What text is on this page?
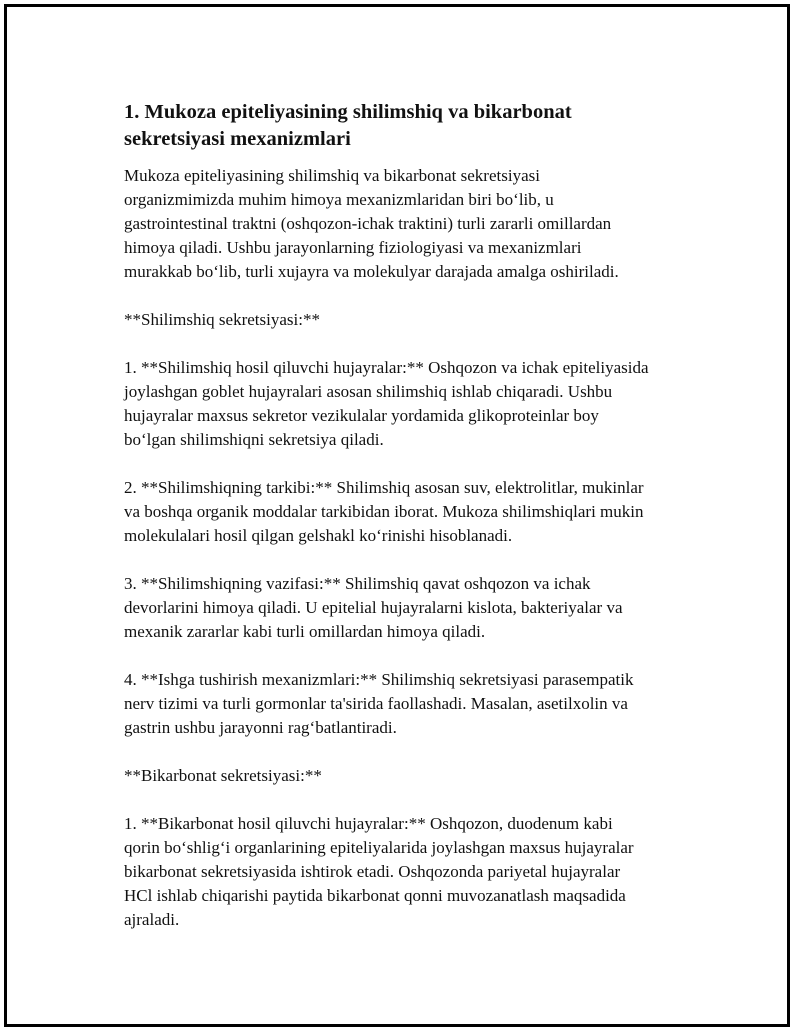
1. Mukoza epiteliyasining shilimshiq va bikarbonat
sekretsiyasi mexanizmlari

Mukoza epiteliyasining shilimshiq va bikarbonat sekretsiyasi
organizmimizda muhim himoya mexanizmlaridan biri bo‘lib, u
gastrointestinal traktni (oshqozon-ichak traktini) turli zararli omillardan
himoya qiladi. Ushbu jarayonlarning fiziologiyasi va mexanizmlari
murakkab bo‘lib, turli xujayra va molekulyar darajada amalga oshiriladi.

**Shilimshiq sekretsiyasi:**

1. **Shilimshiq hosil qiluvchi hujayralar:** Oshqozon va ichak epiteliyasida
joylashgan goblet hujayralari asosan shilimshiq ishlab chiqaradi. Ushbu
hujayralar maxsus sekretor vezikulalar yordamida glikoproteinlar boy
bo‘lgan shilimshiqni sekretsiya qiladi.

2. **Shilimshiqning tarkibi:** Shilimshiq asosan suv, elektrolitlar, mukinlar
va boshqa organik moddalar tarkibidan iborat. Mukoza shilimshiqlari mukin
molekulalari hosil qilgan gelshakl ko‘rinishi hisoblanadi.

3. **Shilimshiqning vazifasi:** Shilimshiq qavat oshqozon va ichak
devorlarini himoya qiladi. U epitelial hujayralarni kislota, bakteriyalar va
mexanik zararlar kabi turli omillardan himoya qiladi.

4. **Ishga tushirish mexanizmlari:** Shilimshiq sekretsiyasi parasempatik
nerv tizimi va turli gormonlar ta'sirida faollashadi. Masalan, asetilxolin va
gastrin ushbu jarayonni rag‘batlantiradi.

**Bikarbonat sekretsiyasi:**

1. **Bikarbonat hosil qiluvchi hujayralar:** Oshqozon, duodenum kabi
qorin bo‘shlig‘i organlarining epiteliyalarida joylashgan maxsus hujayralar
bikarbonat sekretsiyasida ishtirok etadi. Oshqozonda pariyetal hujayralar
HCl ishlab chiqarishi paytida bikarbonat qonni muvozanatlash maqsadida
ajraladi.
